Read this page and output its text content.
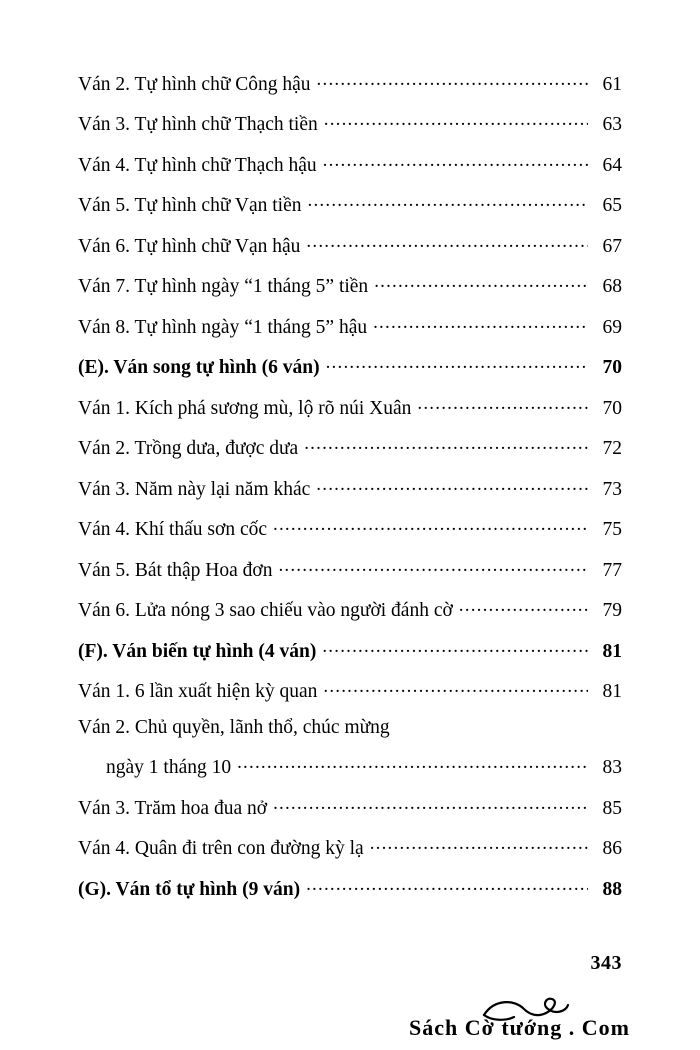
Ván 2. Tự hình chữ Công hậu .....	61
Ván 3. Tự hình chữ Thạch tiền .....	63
Ván 4. Tự hình chữ Thạch hậu .....	64
Ván 5. Tự hình chữ Vạn tiền .....	65
Ván 6. Tự hình chữ Vạn hậu .....	67
Ván 7. Tự hình ngày “1 tháng 5” tiền .....	68
Ván 8. Tự hình ngày “1 tháng 5” hậu .....	69
(E). Ván song tự hình (6 ván) .....	70
Ván 1. Kích phá sương mù, lộ rõ núi Xuân .....	70
Ván 2. Trồng dưa, được dưa .....	72
Ván 3. Năm này lại năm khác .....	73
Ván 4. Khí thấu sơn cốc .....	75
Ván 5. Bát thập Hoa đơn .....	77
Ván 6. Lửa nóng 3 sao chiếu vào người đánh cờ .....	79
(F). Ván biến tự hình (4 ván) .....	81
Ván 1. 6 lần xuất hiện kỳ quan .....	81
Ván 2. Chủ quyền, lãnh thổ, chúc mừng
ngày 1 tháng 10 .....	83
Ván 3. Trăm hoa đua nở .....	85
Ván 4. Quân đi trên con đường kỳ lạ .....	86
(G). Ván tổ tự hình (9 ván) .....	88
343
Sách Cờ tướng . Com
